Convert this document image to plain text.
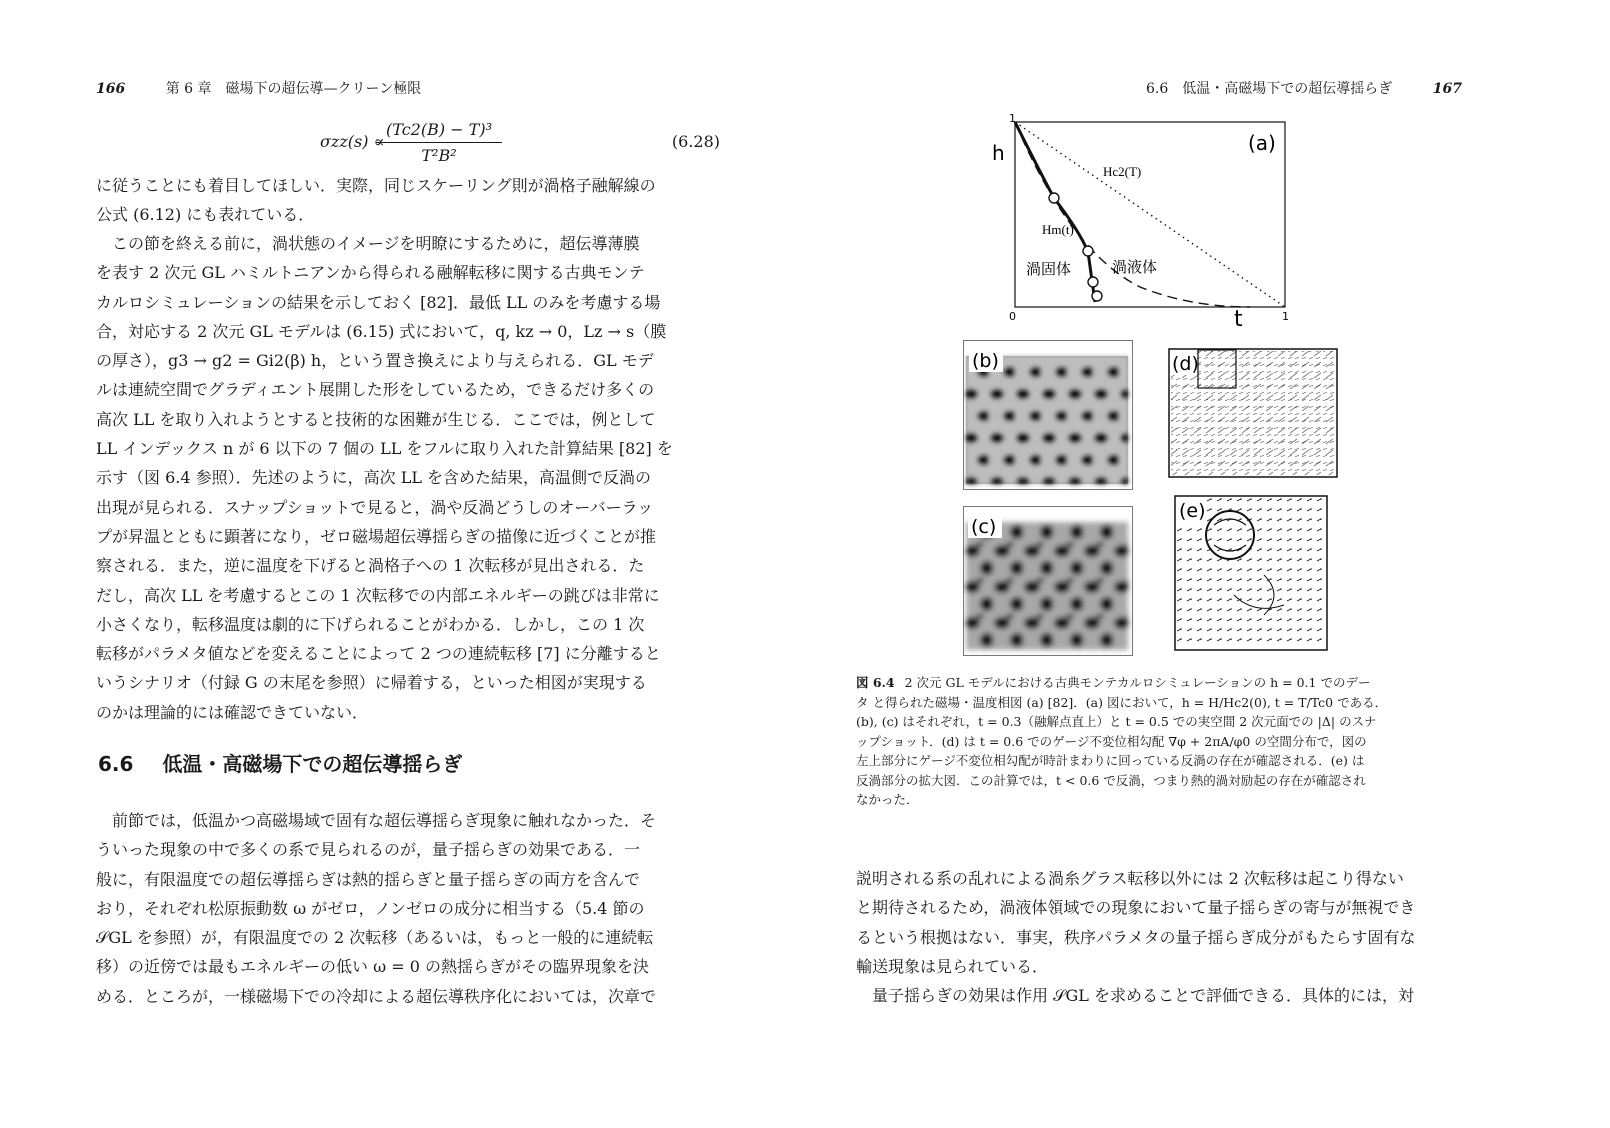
166	第 6 章　磁場下の超伝導—クリーン極限
σzz(s) ∝
$\frac{\text{(Tc2(B) − T)³}}{\text{T²B²}}$	(6.28)

に従うことにも着目してほしい．実際，同じスケーリング則が渦格子融解線の

公式 (6.12) にも表れている．

　この節を終える前に，渦状態のイメージを明瞭にするために，超伝導薄膜

を表す 2 次元 GL ハミルトニアンから得られる融解転移に関する古典モンテ

カルロシミュレーションの結果を示しておく [82]．最低 LL のみを考慮する場

合，対応する 2 次元 GL モデルは (6.15) 式において，q, kz → 0，Lz → s（膜

の厚さ），g3 → g2 = Gi2(β) h，という置き換えにより与えられる．GL モデ

ルは連続空間でグラディエント展開した形をしているため，できるだけ多くの

高次 LL を取り入れようとすると技術的な困難が生じる．ここでは，例として

LL インデックス n が 6 以下の 7 個の LL をフルに取り入れた計算結果 [82] を

示す（図 6.4 参照）．先述のように，高次 LL を含めた結果，高温側で反渦の

出現が見られる．スナップショットで見ると，渦や反渦どうしのオーバーラッ

プが昇温とともに顕著になり，ゼロ磁場超伝導揺らぎの描像に近づくことが推

察される．また，逆に温度を下げると渦格子への 1 次転移が見出される．た

だし，高次 LL を考慮するとこの 1 次転移での内部エネルギーの跳びは非常に

小さくなり，転移温度は劇的に下げられることがわかる．しかし，この 1 次

転移がパラメタ値などを変えることによって 2 つの連続転移 [7] に分離すると

いうシナリオ（付録 G の末尾を参照）に帰着する，といった相図が実現する

のかは理論的には確認できていない．

6.6 低温・高磁場下での超伝導揺らぎ

　前節では，低温かつ高磁場域で固有な超伝導揺らぎ現象に触れなかった．そ

ういった現象の中で多くの系で見られるのが，量子揺らぎの効果である．一

般に，有限温度での超伝導揺らぎは熱的揺らぎと量子揺らぎの両方を含んで

おり，それぞれ松原振動数 ω がゼロ，ノンゼロの成分に相当する（5.4 節の

𝒮GL を参照）が，有限温度での 2 次転移（あるいは，もっと一般的に連続転

移）の近傍では最もエネルギーの低い ω = 0 の熱揺らぎがその臨界現象を決

める．ところが，一様磁場下での冷却による超伝導秩序化においては，次章で

6.6　低温・高磁場下での超伝導揺らぎ	167
(a)
h
t
1
0	1
Hc2(T)
Hm(t)
渦固体	渦液体
(b)	(d)
(c)
(e)
図 6.4 2 次元 GL モデルにおける古典モンテカルロシミュレーションの h = 0.1 でのデー
タ と得られた磁場・温度相図 (a) [82]．(a) 図において，h = H/Hc2(0), t = T/Tc0 である．
(b), (c) はそれぞれ，t = 0.3（融解点直上）と t = 0.5 での実空間 2 次元面での |Δ| のスナ
ップショット．(d) は t = 0.6 でのゲージ不変位相勾配 ∇φ + 2πA/φ0 の空間分布で，図の
左上部分にゲージ不変位相勾配が時計まわりに回っている反渦の存在が確認される．(e) は
反渦部分の拡大図．この計算では，t < 0.6 で反渦，つまり熱的渦対励起の存在が確認され
なかった．

説明される系の乱れによる渦糸グラス転移以外には 2 次転移は起こり得ない

と期待されるため，渦液体領域での現象において量子揺らぎの寄与が無視でき

るという根拠はない．事実，秩序パラメタの量子揺らぎ成分がもたらす固有な

輸送現象は見られている．

　量子揺らぎの効果は作用 𝒮GL を求めることで評価できる．具体的には，対
